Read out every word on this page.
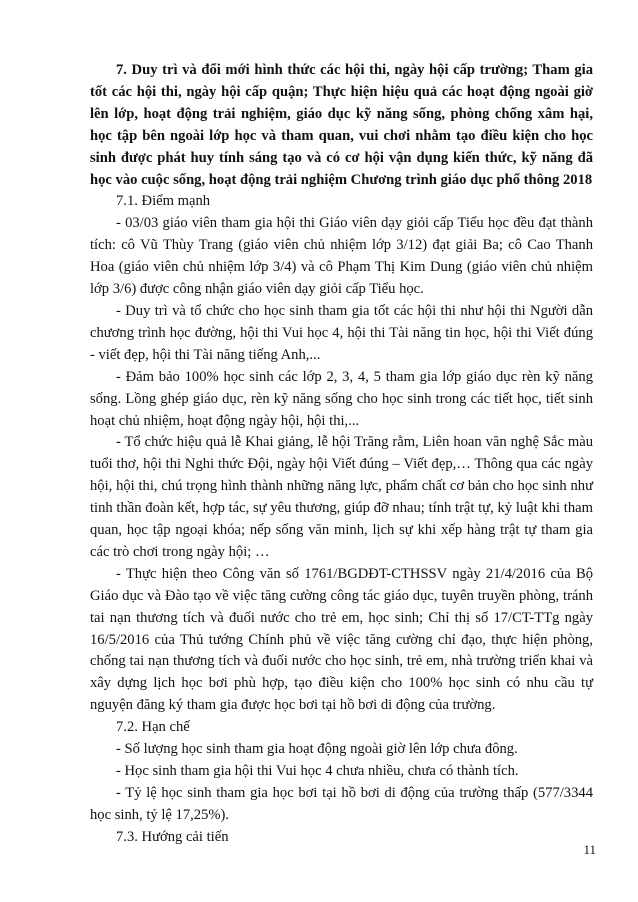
7. Duy trì và đổi mới hình thức các hội thi, ngày hội cấp trường; Tham gia tốt các hội thi, ngày hội cấp quận; Thực hiện hiệu quả các hoạt động ngoài giờ lên lớp, hoạt động trải nghiệm, giáo dục kỹ năng sống, phòng chống xâm hại, học tập bên ngoài lớp học và tham quan, vui chơi nhằm tạo điều kiện cho học sinh được phát huy tính sáng tạo và có cơ hội vận dụng kiến thức, kỹ năng đã học vào cuộc sống, hoạt động trải nghiệm Chương trình giáo dục phổ thông 2018

7.1. Điểm mạnh

- 03/03 giáo viên tham gia hội thi Giáo viên dạy giỏi cấp Tiểu học đều đạt thành tích: cô Vũ Thùy Trang (giáo viên chủ nhiệm lớp 3/12) đạt giải Ba; cô Cao Thanh Hoa (giáo viên chủ nhiệm lớp 3/4) và cô Phạm Thị Kim Dung (giáo viên chủ nhiệm lớp 3/6) được công nhận giáo viên dạy giỏi cấp Tiểu học.

- Duy trì và tổ chức cho học sinh tham gia tốt các hội thi như hội thi Người dẫn chương trình học đường, hội thi Vui học 4, hội thi Tài năng tin học, hội thi Viết đúng - viết đẹp, hội thi Tài năng tiếng Anh,...

- Đảm bảo 100% học sinh các lớp 2, 3, 4, 5 tham gia lớp giáo dục rèn kỹ năng sống. Lồng ghép giáo dục, rèn kỹ năng sống cho học sinh trong các tiết học, tiết sinh hoạt chủ nhiệm, hoạt động ngày hội, hội thi,...

- Tổ chức hiệu quả lễ Khai giảng, lễ hội Trăng rằm, Liên hoan văn nghệ Sắc màu tuổi thơ, hội thi Nghi thức Đội, ngày hội Viết đúng – Viết đẹp,… Thông qua các ngày hội, hội thi, chú trọng hình thành những năng lực, phẩm chất cơ bản cho học sinh như tinh thần đoàn kết, hợp tác, sự yêu thương, giúp đỡ nhau; tính trật tự, kỷ luật khi tham quan, học tập ngoại khóa; nếp sống văn minh, lịch sự khi xếp hàng trật tự tham gia các trò chơi trong ngày hội; …

- Thực hiện theo Công văn số 1761/BGDĐT-CTHSSV ngày 21/4/2016 của Bộ Giáo dục và Đào tạo về việc tăng cường công tác giáo dục, tuyên truyền phòng, tránh tai nạn thương tích và đuối nước cho trẻ em, học sinh; Chỉ thị số 17/CT-TTg ngày 16/5/2016 của Thủ tướng Chính phủ về việc tăng cường chỉ đạo, thực hiện phòng, chống tai nạn thương tích và đuối nước cho học sinh, trẻ em, nhà trường triển khai và xây dựng lịch học bơi phù hợp, tạo điều kiện cho 100% học sinh có nhu cầu tự nguyện đăng ký tham gia được học bơi tại hồ bơi di động của trường.

7.2. Hạn chế

- Số lượng học sinh tham gia hoạt động ngoài giờ lên lớp chưa đông.

- Học sinh tham gia hội thi Vui học 4 chưa nhiều, chưa có thành tích.

- Tỷ lệ học sinh tham gia học bơi tại hồ bơi di động của trường thấp (577/3344 học sinh, tỷ lệ 17,25%).

7.3. Hướng cải tiến

11
